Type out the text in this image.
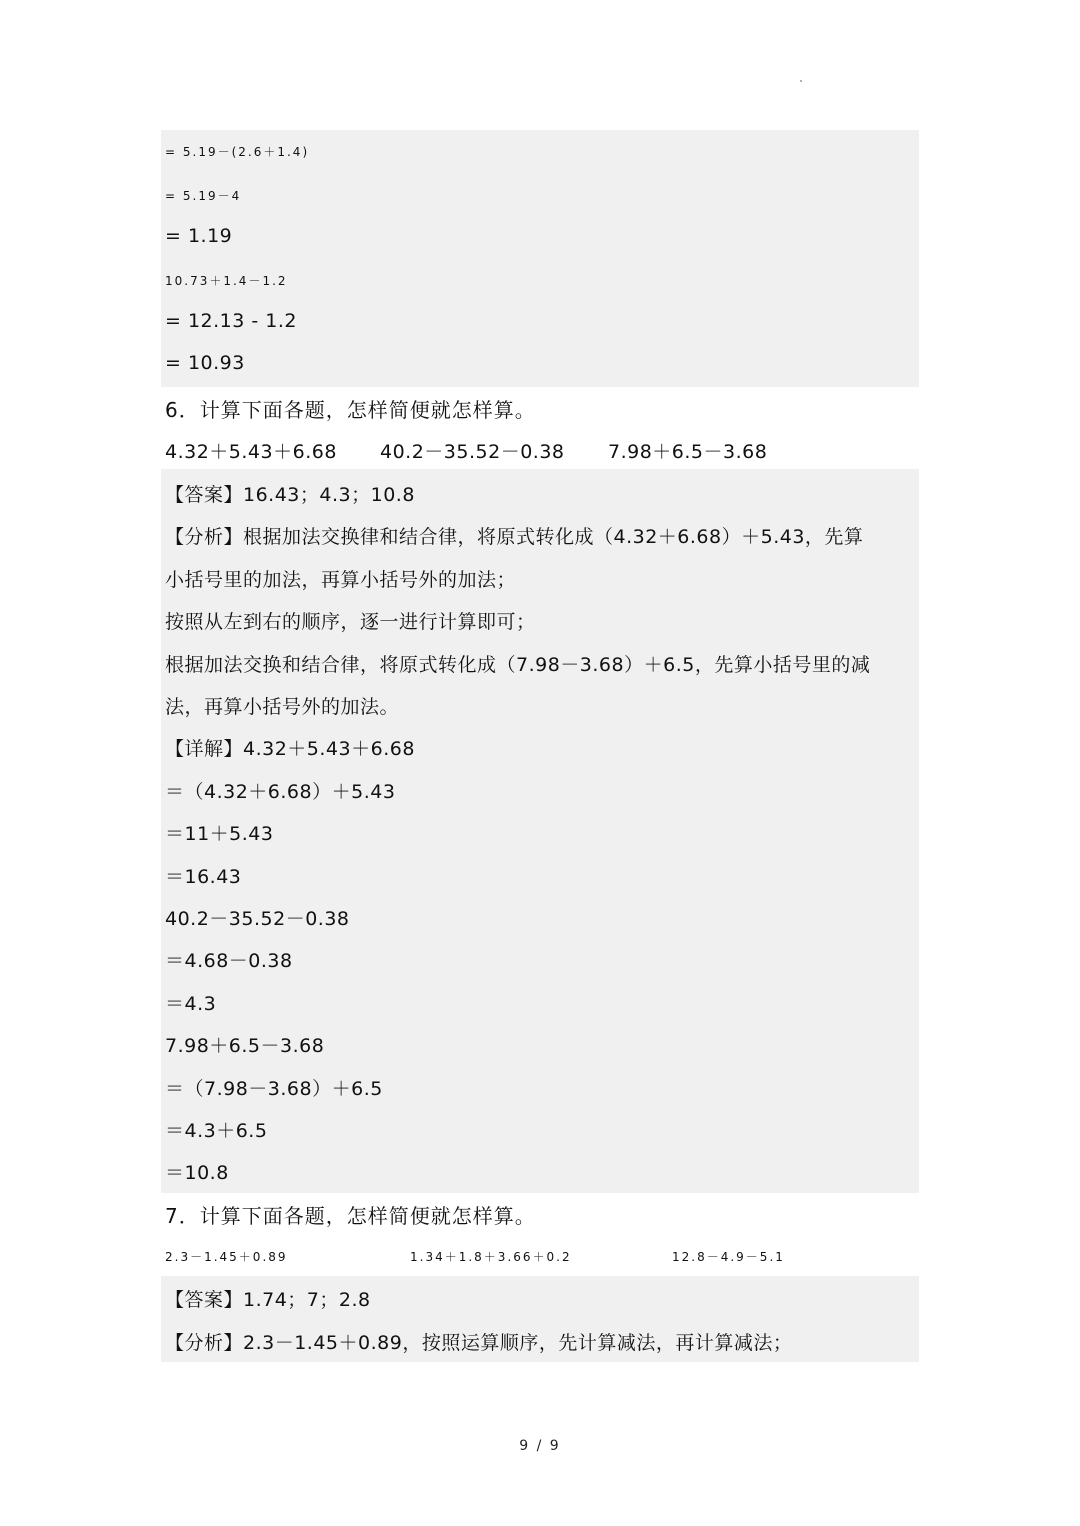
= 5.19－(2.6＋1.4)
= 5.19－4
= 1.19
10.73＋1.4－1.2
= 12.13 - 1.2
= 10.93
6．计算下面各题，怎样简便就怎样算。
4.32＋5.43＋6.68 40.2－35.52－0.38 7.98＋6.5－3.68
【答案】16.43；4.3；10.8
【分析】根据加法交换律和结合律，将原式转化成（4.32＋6.68）＋5.43，先算
小括号里的加法，再算小括号外的加法；
按照从左到右的顺序，逐一进行计算即可；
根据加法交换和结合律，将原式转化成（7.98－3.68）＋6.5，先算小括号里的减
法，再算小括号外的加法。
【详解】4.32＋5.43＋6.68
＝（4.32＋6.68）＋5.43
＝11＋5.43
＝16.43
40.2－35.52－0.38
＝4.68－0.38
＝4.3
7.98＋6.5－3.68
＝（7.98－3.68）＋6.5
＝4.3＋6.5
＝10.8
7．计算下面各题，怎样简便就怎样算。
2.3－1.45＋0.89	1.34＋1.8＋3.66＋0.2	12.8－4.9－5.1
【答案】1.74；7；2.8
【分析】2.3－1.45＋0.89，按照运算顺序，先计算减法，再计算减法；
9 / 9
